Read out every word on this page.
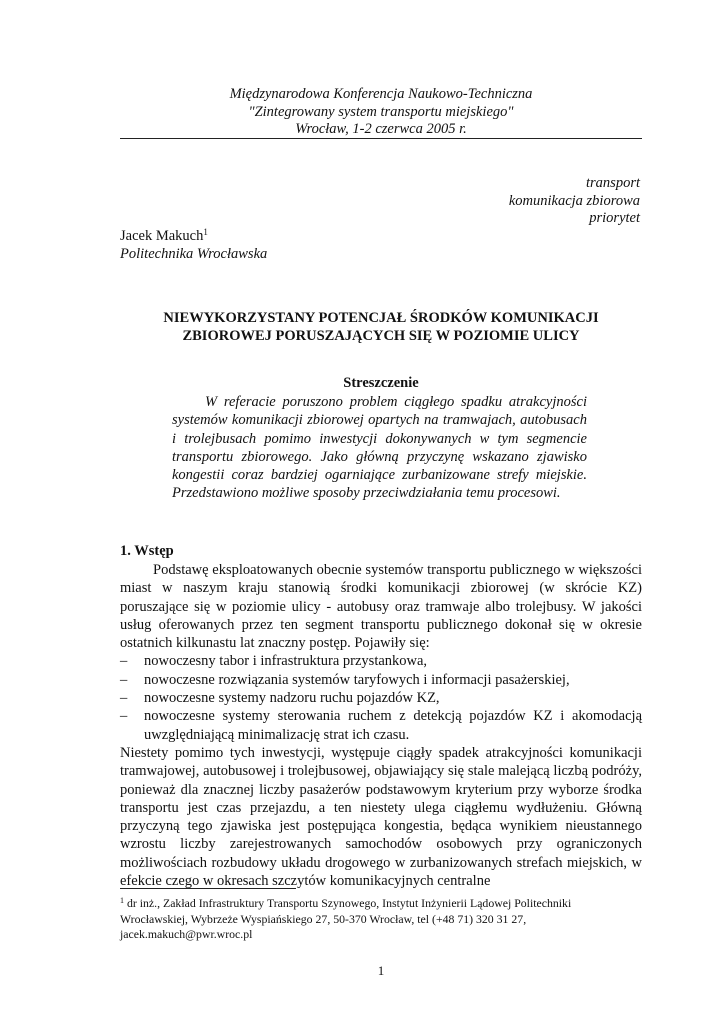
Międzynarodowa Konferencja Naukowo-Techniczna
"Zintegrowany system transportu miejskiego"
Wrocław, 1-2 czerwca 2005 r.
transport
komunikacja zbiorowa
priorytet
Jacek Makuch$^1$
Politechnika Wrocławska
NIEWYKORZYSTANY POTENCJAŁ ŚRODKÓW KOMUNIKACJI
ZBIOROWEJ PORUSZAJĄCYCH SIĘ W POZIOMIE ULICY
Streszczenie

W referacie poruszono problem ciągłego spadku atrakcyjności systemów komunikacji zbiorowej opartych na tramwajach, autobusach i trolejbusach pomimo inwestycji dokonywanych w tym segmencie transportu zbiorowego. Jako główną przyczynę wskazano zjawisko kongestii coraz bardziej ogarniające zurbanizowane strefy miejskie. Przedstawiono możliwe sposoby przeciwdziałania temu procesowi.

1. Wstęp

Podstawę eksploatowanych obecnie systemów transportu publicznego w większości miast w naszym kraju stanowią środki komunikacji zbiorowej (w skrócie KZ) poruszające się w poziomie ulicy - autobusy oraz tramwaje albo trolejbusy. W jakości usług oferowanych przez ten segment transportu publicznego dokonał się w okresie ostatnich kilkunastu lat znaczny postęp. Pojawiły się:

– nowoczesny tabor i infrastruktura przystankowa,
– nowoczesne rozwiązania systemów taryfowych i informacji pasażerskiej,
– nowoczesne systemy nadzoru ruchu pojazdów KZ,
– nowoczesne systemy sterowania ruchem z detekcją pojazdów KZ i akomodacją uwzględniającą minimalizację strat ich czasu.

Niestety pomimo tych inwestycji, występuje ciągły spadek atrakcyjności komunikacji tramwajowej, autobusowej i trolejbusowej, objawiający się stale malejącą liczbą podróży, ponieważ dla znacznej liczby pasażerów podstawowym kryterium przy wyborze środka transportu jest czas przejazdu, a ten niestety ulega ciągłemu wydłużeniu. Główną przyczyną tego zjawiska jest postępująca kongestia, będąca wynikiem nieustannego wzrostu liczby zarejestrowanych samochodów osobowych przy ograniczonych możliwościach rozbudowy układu drogowego w zurbanizowanych strefach miejskich, w efekcie czego w okresach szczytów komunikacyjnych centralne

$^1$ dr inż., Zakład Infrastruktury Transportu Szynowego, Instytut Inżynierii Lądowej Politechniki
Wrocławskiej, Wybrzeże Wyspiańskiego 27, 50-370 Wrocław, tel (+48 71) 320 31 27,
jacek.makuch@pwr.wroc.pl
1
